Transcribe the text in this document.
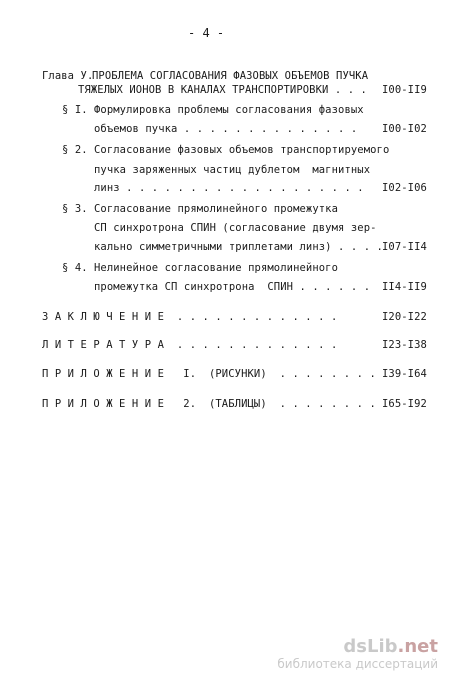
- 4 -
Глава У.
ПРОБЛЕМА СОГЛАСОВАНИЯ ФАЗОВЫХ ОБЪЕМОВ ПУЧКА
ТЯЖЕЛЫХ ИОНОВ В КАНАЛАХ ТРАНСПОРТИРОВКИ . . . I00-II9
§ I. Формулировка проблемы согласования фазовых
объемов пучка . . . . . . . . . . . . . . I00-I02
§ 2. Согласование фазовых объемов транспортируемого
пучка заряженных частиц дублетом  магнитных
линз . . . . . . . . . . . . . . . . . . . I02-I06
§ 3. Согласование прямолинейного промежутка
СП синхротрона СПИН (согласование двумя зер-
кально симметричными триплетами линз) . . . . I07-II4
§ 4. Нелинейное согласование прямолинейного
промежутка СП синхротрона  СПИН . . . . . . II4-II9
З А К Л Ю Ч Е Н И Е  . . . . . . . . . . . . .	I20-I22
Л И Т Е Р А Т У Р А  . . . . . . . . . . . . .	I23-I38
П Р И Л О Ж Е Н И Е   I.  (РИСУНКИ)  . . . . . . . . I39-I64
П Р И Л О Ж Е Н И Е   2.  (ТАБЛИЦЫ)  . . . . . . . . I65-I92
dsLib.net
библиотека диссертаций
